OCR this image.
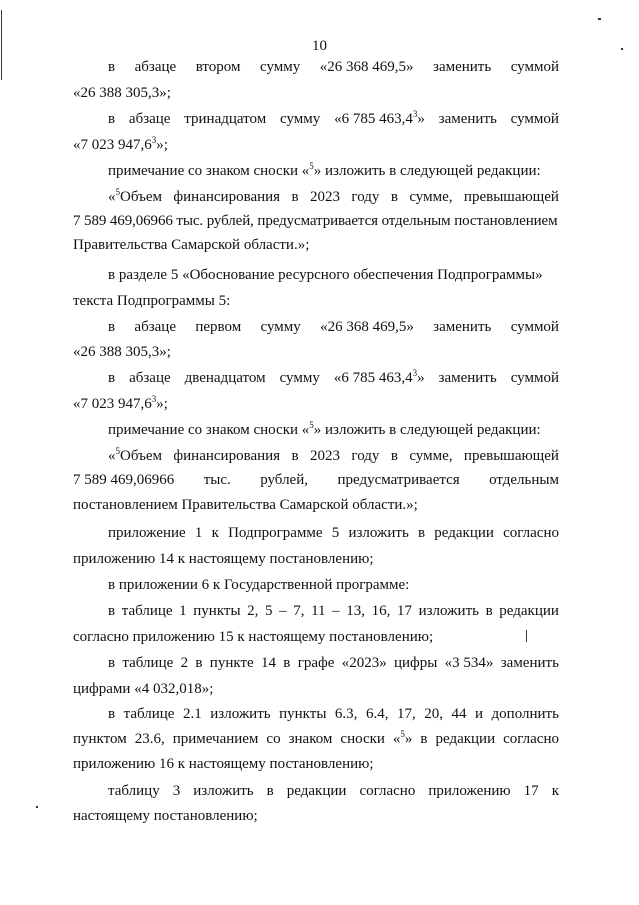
10
в абзаце втором сумму «26 368 469,5» заменить суммой
«26 388 305,3»;
в абзаце тринадцатом сумму «6 785 463,4$^3$» заменить суммой
«7 023 947,6$^3$»;
примечание со знаком сноски «$^5$» изложить в следующей редакции:
«$^5$Объем финансирования в 2023 году в сумме, превышающей
7 589 469,06966 тыс. рублей, предусматривается отдельным постановлением
Правительства Самарской области.»;
в разделе 5 «Обоснование ресурсного обеспечения Подпрограммы»
текста Подпрограммы 5:
в абзаце первом сумму «26 368 469,5» заменить суммой
«26 388 305,3»;
в абзаце двенадцатом сумму «6 785 463,4$^3$» заменить суммой
«7 023 947,6$^3$»;
примечание со знаком сноски «$^5$» изложить в следующей редакции:
«$^5$Объем финансирования в 2023 году в сумме, превышающей
7 589 469,06966 тыс. рублей, предусматривается отдельным
постановлением Правительства Самарской области.»;
приложение 1 к Подпрограмме 5 изложить в редакции согласно
приложению 14 к настоящему постановлению;
в приложении 6 к Государственной программе:
в таблице 1 пункты 2, 5 – 7, 11 – 13, 16, 17 изложить в редакции
согласно приложению 15 к настоящему постановлению;
в таблице 2 в пункте 14 в графе «2023» цифры «3 534» заменить
цифрами «4 032,018»;
в таблице 2.1 изложить пункты 6.3, 6.4, 17, 20, 44 и дополнить
пунктом 23.6, примечанием со знаком сноски «$^5$» в редакции согласно
приложению 16 к настоящему постановлению;
таблицу 3 изложить в редакции согласно приложению 17 к
настоящему постановлению;
